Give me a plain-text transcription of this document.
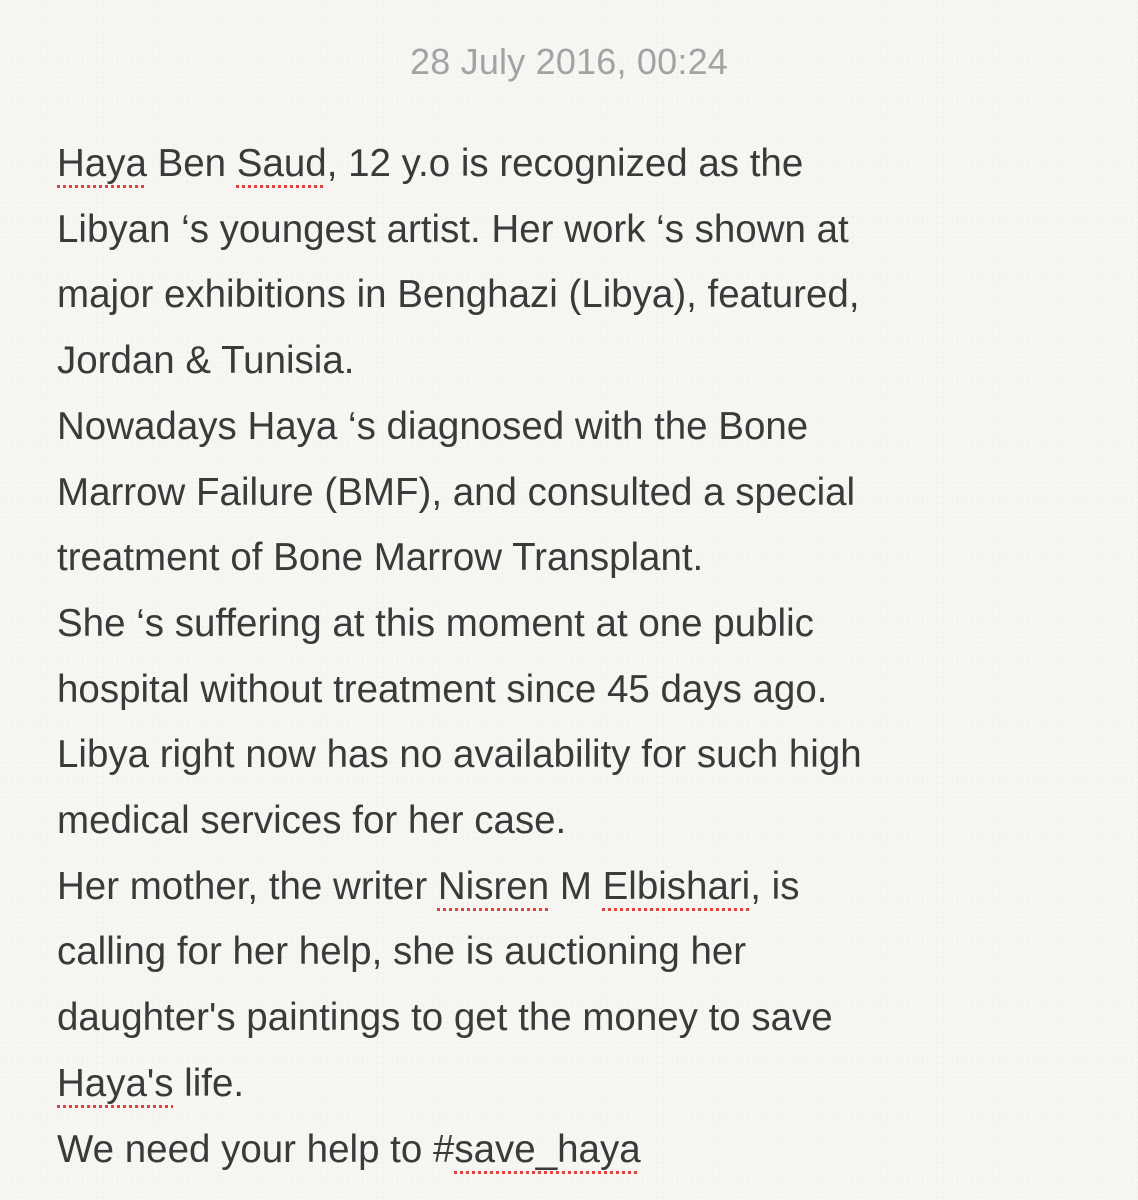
28 July 2016, 00:24
Haya Ben Saud, 12 y.o is recognized as the
Libyan ‘s youngest artist. Her work ‘s shown at
major exhibitions in Benghazi (Libya), featured,
Jordan & Tunisia.
Nowadays Haya ‘s diagnosed with the Bone
Marrow Failure (BMF), and consulted a special
treatment of Bone Marrow Transplant.
She ‘s suffering at this moment at one public
hospital without treatment since 45 days ago.
Libya right now has no availability for such high
medical services for her case.
Her mother, the writer Nisren M Elbishari, is
calling for her help, she is auctioning her
daughter's paintings to get the money to save
Haya's life.
We need your help to #save_haya
